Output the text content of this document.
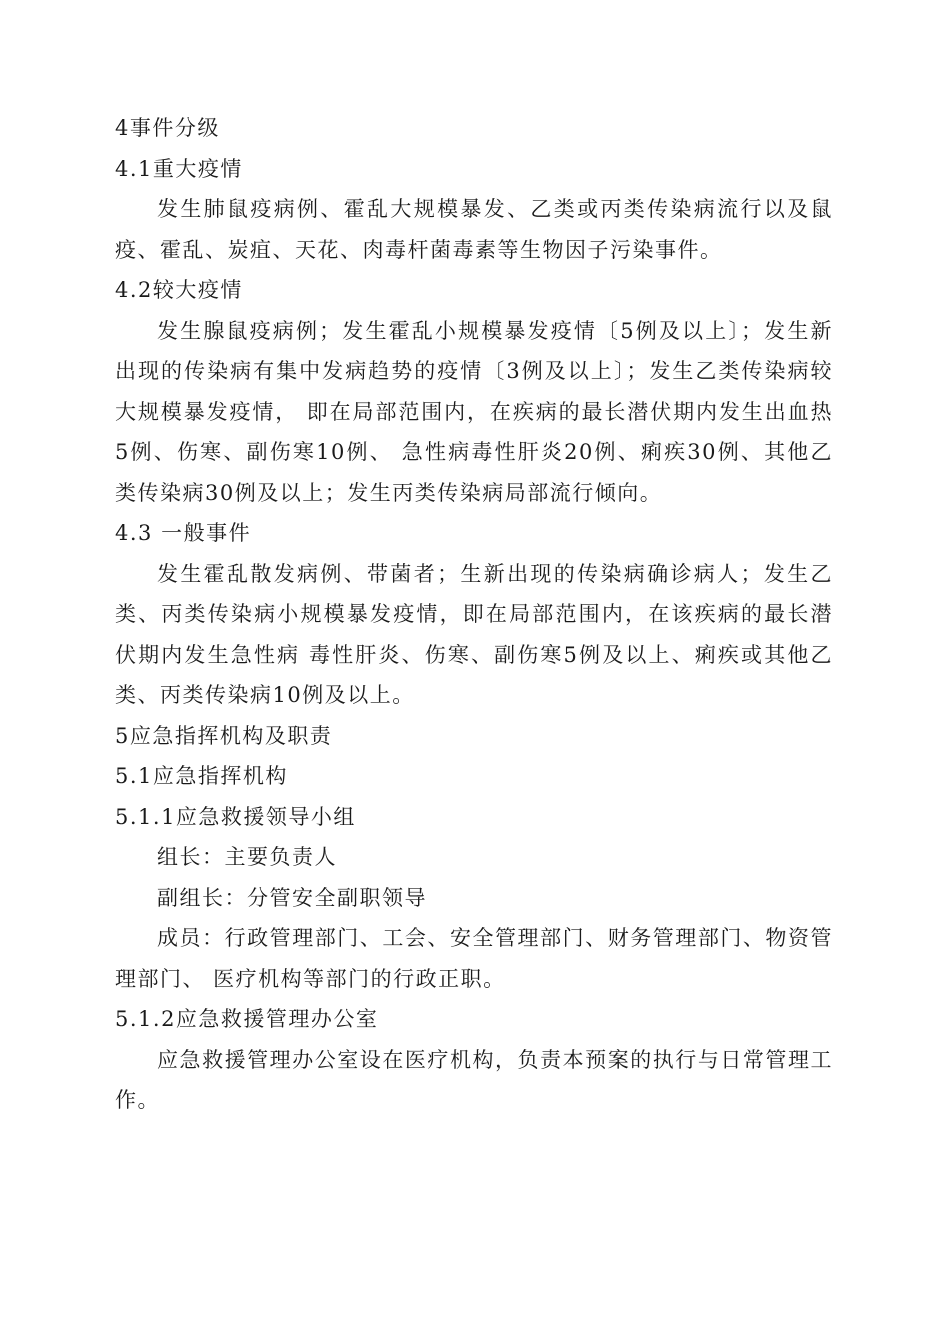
4事件分级
4.1重大疫情

发生肺鼠疫病例、霍乱大规模暴发、乙类或丙类传染病流行以及鼠疫、霍乱、炭疽、天花、肉毒杆菌毒素等生物因子污染事件。

4.2较大疫情

发生腺鼠疫病例；发生霍乱小规模暴发疫情〔5例及以上〕；发生新出现的传染病有集中发病趋势的疫情〔3例及以上〕；发生乙类传染病较大规模暴发疫情， 即在局部范围内，在疾病的最长潜伏期内发生出血热5例、伤寒、副伤寒10例、 急性病毒性肝炎20例、痢疾30例、其他乙类传染病30例及以上；发生丙类传染病局部流行倾向。

4.3 一般事件

发生霍乱散发病例、带菌者；生新出现的传染病确诊病人；发生乙类、丙类传染病小规模暴发疫情，即在局部范围内，在该疾病的最长潜伏期内发生急性病 毒性肝炎、伤寒、副伤寒5例及以上、痢疾或其他乙类、丙类传染病10例及以上。

5应急指挥机构及职责
5.1应急指挥机构
5.1.1应急救援领导小组

组长：主要负责人

副组长：分管安全副职领导

成员：行政管理部门、工会、安全管理部门、财务管理部门、物资管理部门、 医疗机构等部门的行政正职。

5.1.2应急救援管理办公室

应急救援管理办公室设在医疗机构，负责本预案的执行与日常管理工作。
